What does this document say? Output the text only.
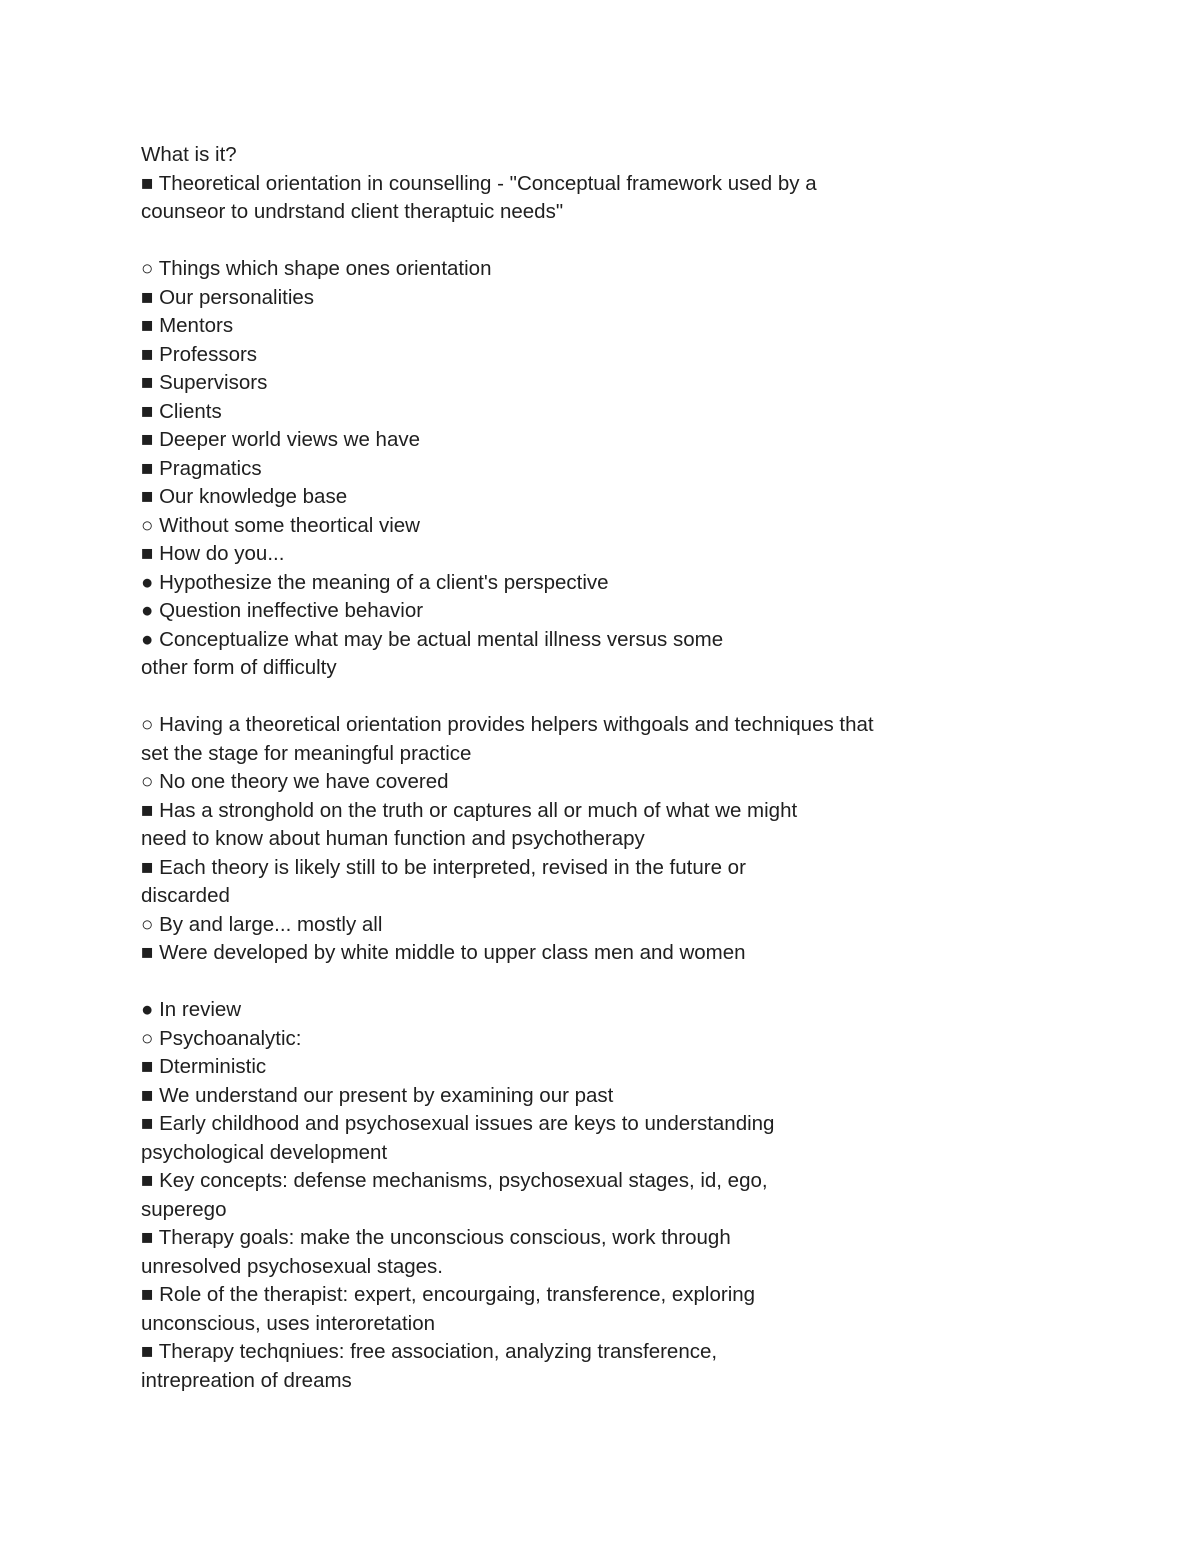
What is it?
■ Theoretical orientation in counselling - "Conceptual framework used by a
counseor to undrstand client theraptuic needs"
○ Things which shape ones orientation
■ Our personalities
■ Mentors
■ Professors
■ Supervisors
■ Clients
■ Deeper world views we have
■ Pragmatics
■ Our knowledge base
○ Without some theortical view
■ How do you...
● Hypothesize the meaning of a client's perspective
● Question ineffective behavior
● Conceptualize what may be actual mental illness versus some
other form of difficulty
○ Having a theoretical orientation provides helpers withgoals and techniques that
set the stage for meaningful practice
○ No one theory we have covered
■ Has a stronghold on the truth or captures all or much of what we might
need to know about human function and psychotherapy
■ Each theory is likely still to be interpreted, revised in the future or
discarded
○ By and large... mostly all
■ Were developed by white middle to upper class men and women
● In review
○ Psychoanalytic:
■ Dterministic
■ We understand our present by examining our past
■ Early childhood and psychosexual issues are keys to understanding
psychological development
■ Key concepts: defense mechanisms, psychosexual stages, id, ego,
superego
■ Therapy goals: make the unconscious conscious, work through
unresolved psychosexual stages.
■ Role of the therapist: expert, encourgaing, transference, exploring
unconscious, uses interoretation
■ Therapy techqniues: free association, analyzing transference,
intrepreation of dreams
